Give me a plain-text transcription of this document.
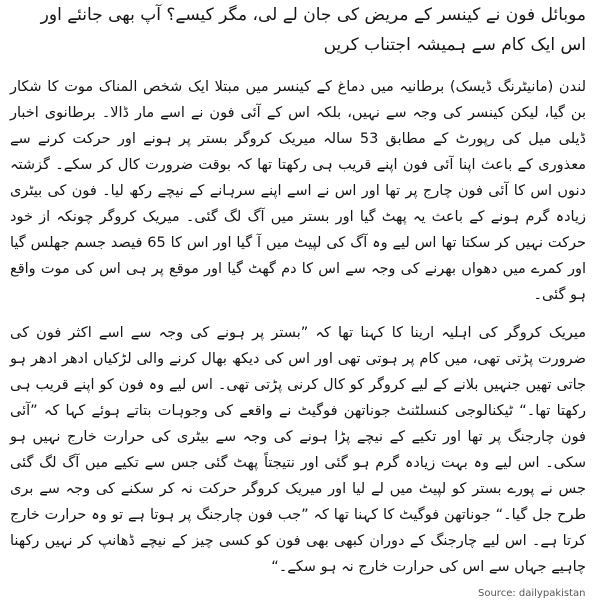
موبائل فون نے کینسر کے مریض کی جان لے لی، مگر کیسے؟ آپ بھی جانئے اور اس ایک کام سے ہمیشہ اجتناب کریں

لندن (مانیٹرنگ ڈیسک) برطانیہ میں دماغ کے کینسر میں مبتلا ایک شخص المناک موت کا شکار بن گیا، لیکن کینسر کی وجہ سے نہیں، بلکہ اس کے آئی فون نے اسے مار ڈالا۔ برطانوی اخبار ڈیلی میل کی رپورٹ کے مطابق 53 سالہ میریک کروگر بستر پر ہونے اور حرکت کرنے سے معذوری کے باعث اپنا آئی فون اپنے قریب ہی رکھتا تھا کہ بوقت ضرورت کال کر سکے۔ گزشتہ دنوں اس کا آئی فون چارج پر تھا اور اس نے اسے اپنے سرہانے کے نیچے رکھ لیا۔ فون کی بیٹری زیادہ گرم ہونے کے باعث یہ پھٹ گیا اور بستر میں آگ لگ گئی۔ میریک کروگر چونکہ از خود حرکت نہیں کر سکتا تھا اس لیے وہ آگ کی لپیٹ میں آ گیا اور اس کا 65 فیصد جسم جھلس گیا اور کمرے میں دھواں بھرنے کی وجہ سے اس کا دم گھٹ گیا اور موقع پر ہی اس کی موت واقع ہو گئی۔

میریک کروگر کی اہلیہ ارینا کا کہنا تھا کہ ”بستر پر ہونے کی وجہ سے اسے اکثر فون کی ضرورت پڑتی تھی، میں کام پر ہوتی تھی اور اس کی دیکھ بھال کرنے والی لڑکیاں ادھر ادھر ہو جاتی تھیں جنہیں بلانے کے لیے کروگر کو کال کرنی پڑتی تھی۔ اس لیے وہ فون کو اپنے قریب ہی رکھتا تھا۔“ ٹیکنالوجی کنسلٹنٹ جوناتھن فوگیٹ نے واقعے کی وجوہات بتاتے ہوئے کہا کہ ”آئی فون چارجنگ پر تھا اور تکیے کے نیچے پڑا ہونے کی وجہ سے بیٹری کی حرارت خارج نہیں ہو سکی۔ اس لیے وہ بہت زیادہ گرم ہو گئی اور نتیجتاً پھٹ گئی جس سے تکیے میں آگ لگ گئی جس نے پورے بستر کو لپیٹ میں لے لیا اور میریک کروگر حرکت نہ کر سکنے کی وجہ سے بری طرح جل گیا۔“ جوناتھن فوگیٹ کا کہنا تھا کہ ”جب فون چارجنگ پر ہوتا ہے تو وہ حرارت خارج کرتا ہے۔ اس لیے چارجنگ کے دوران کبھی بھی فون کو کسی چیز کے نیچے ڈھانپ کر نہیں رکھنا چاہیے جہاں سے اس کی حرارت خارج نہ ہو سکے۔“

Source: dailypakistan
